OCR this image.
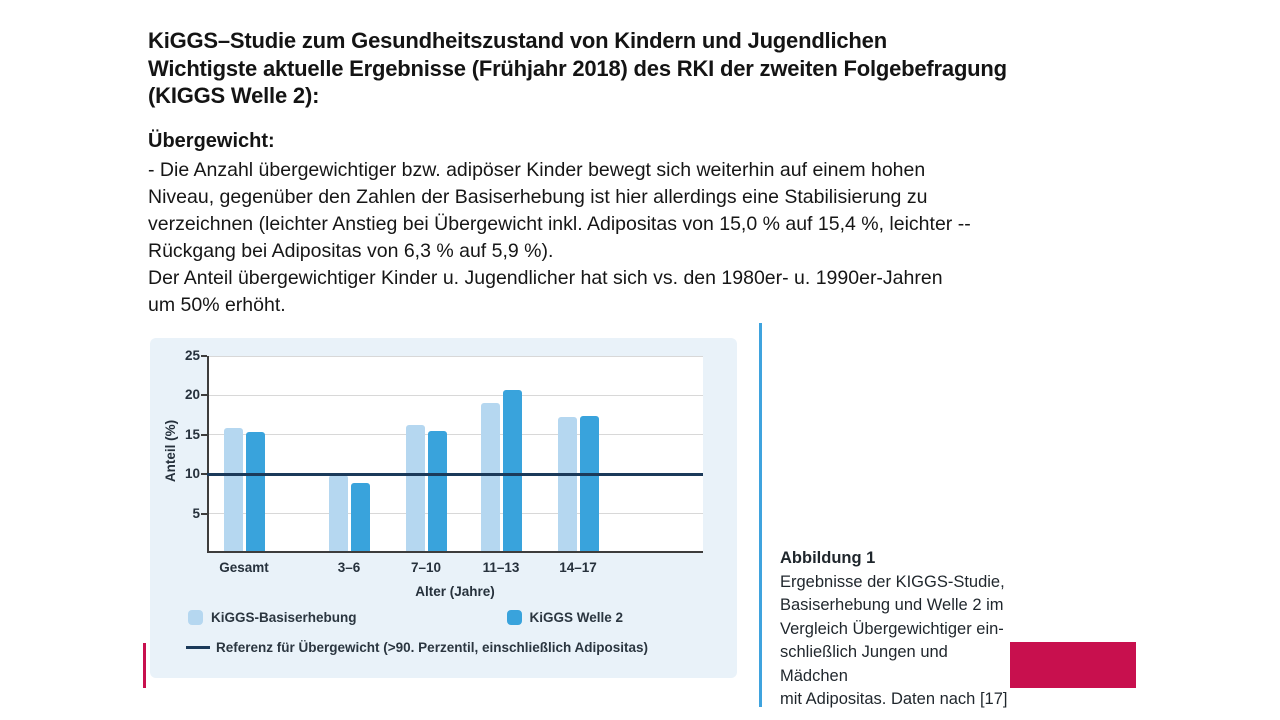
KiGGS–Studie zum Gesundheitszustand von Kindern und Jugendlichen
Wichtigste aktuelle Ergebnisse (Frühjahr 2018) des RKI der zweiten Folgebefragung
(KIGGS Welle 2):
Übergewicht:
- Die Anzahl übergewichtiger bzw. adipöser Kinder bewegt sich weiterhin auf einem hohen
Niveau, gegenüber den Zahlen der Basiserhebung ist hier allerdings eine Stabilisierung zu
verzeichnen (leichter Anstieg bei Übergewicht inkl. Adipositas von 15,0 % auf 15,4 %, leichter --
Rückgang bei Adipositas von 6,3 % auf 5,9 %).
Der Anteil übergewichtiger Kinder u. Jugendlicher hat sich vs. den 1980er- u. 1990er-Jahren
um 50% erhöht.
Anteil (%)
Alter (Jahre)
KiGGS-Basiserhebung	KiGGS Welle 2
Referenz für Übergewicht (>90. Perzentil, einschließlich Adipositas)
5
10
15
20
25
Gesamt	3–6	7–10	11–13	14–17
Abbildung 1
Ergebnisse der KIGGS-Studie,
Basiserhebung und Welle 2 im
Vergleich Übergewichtiger ein-
schließlich Jungen und Mädchen
mit Adipositas. Daten nach [17]
